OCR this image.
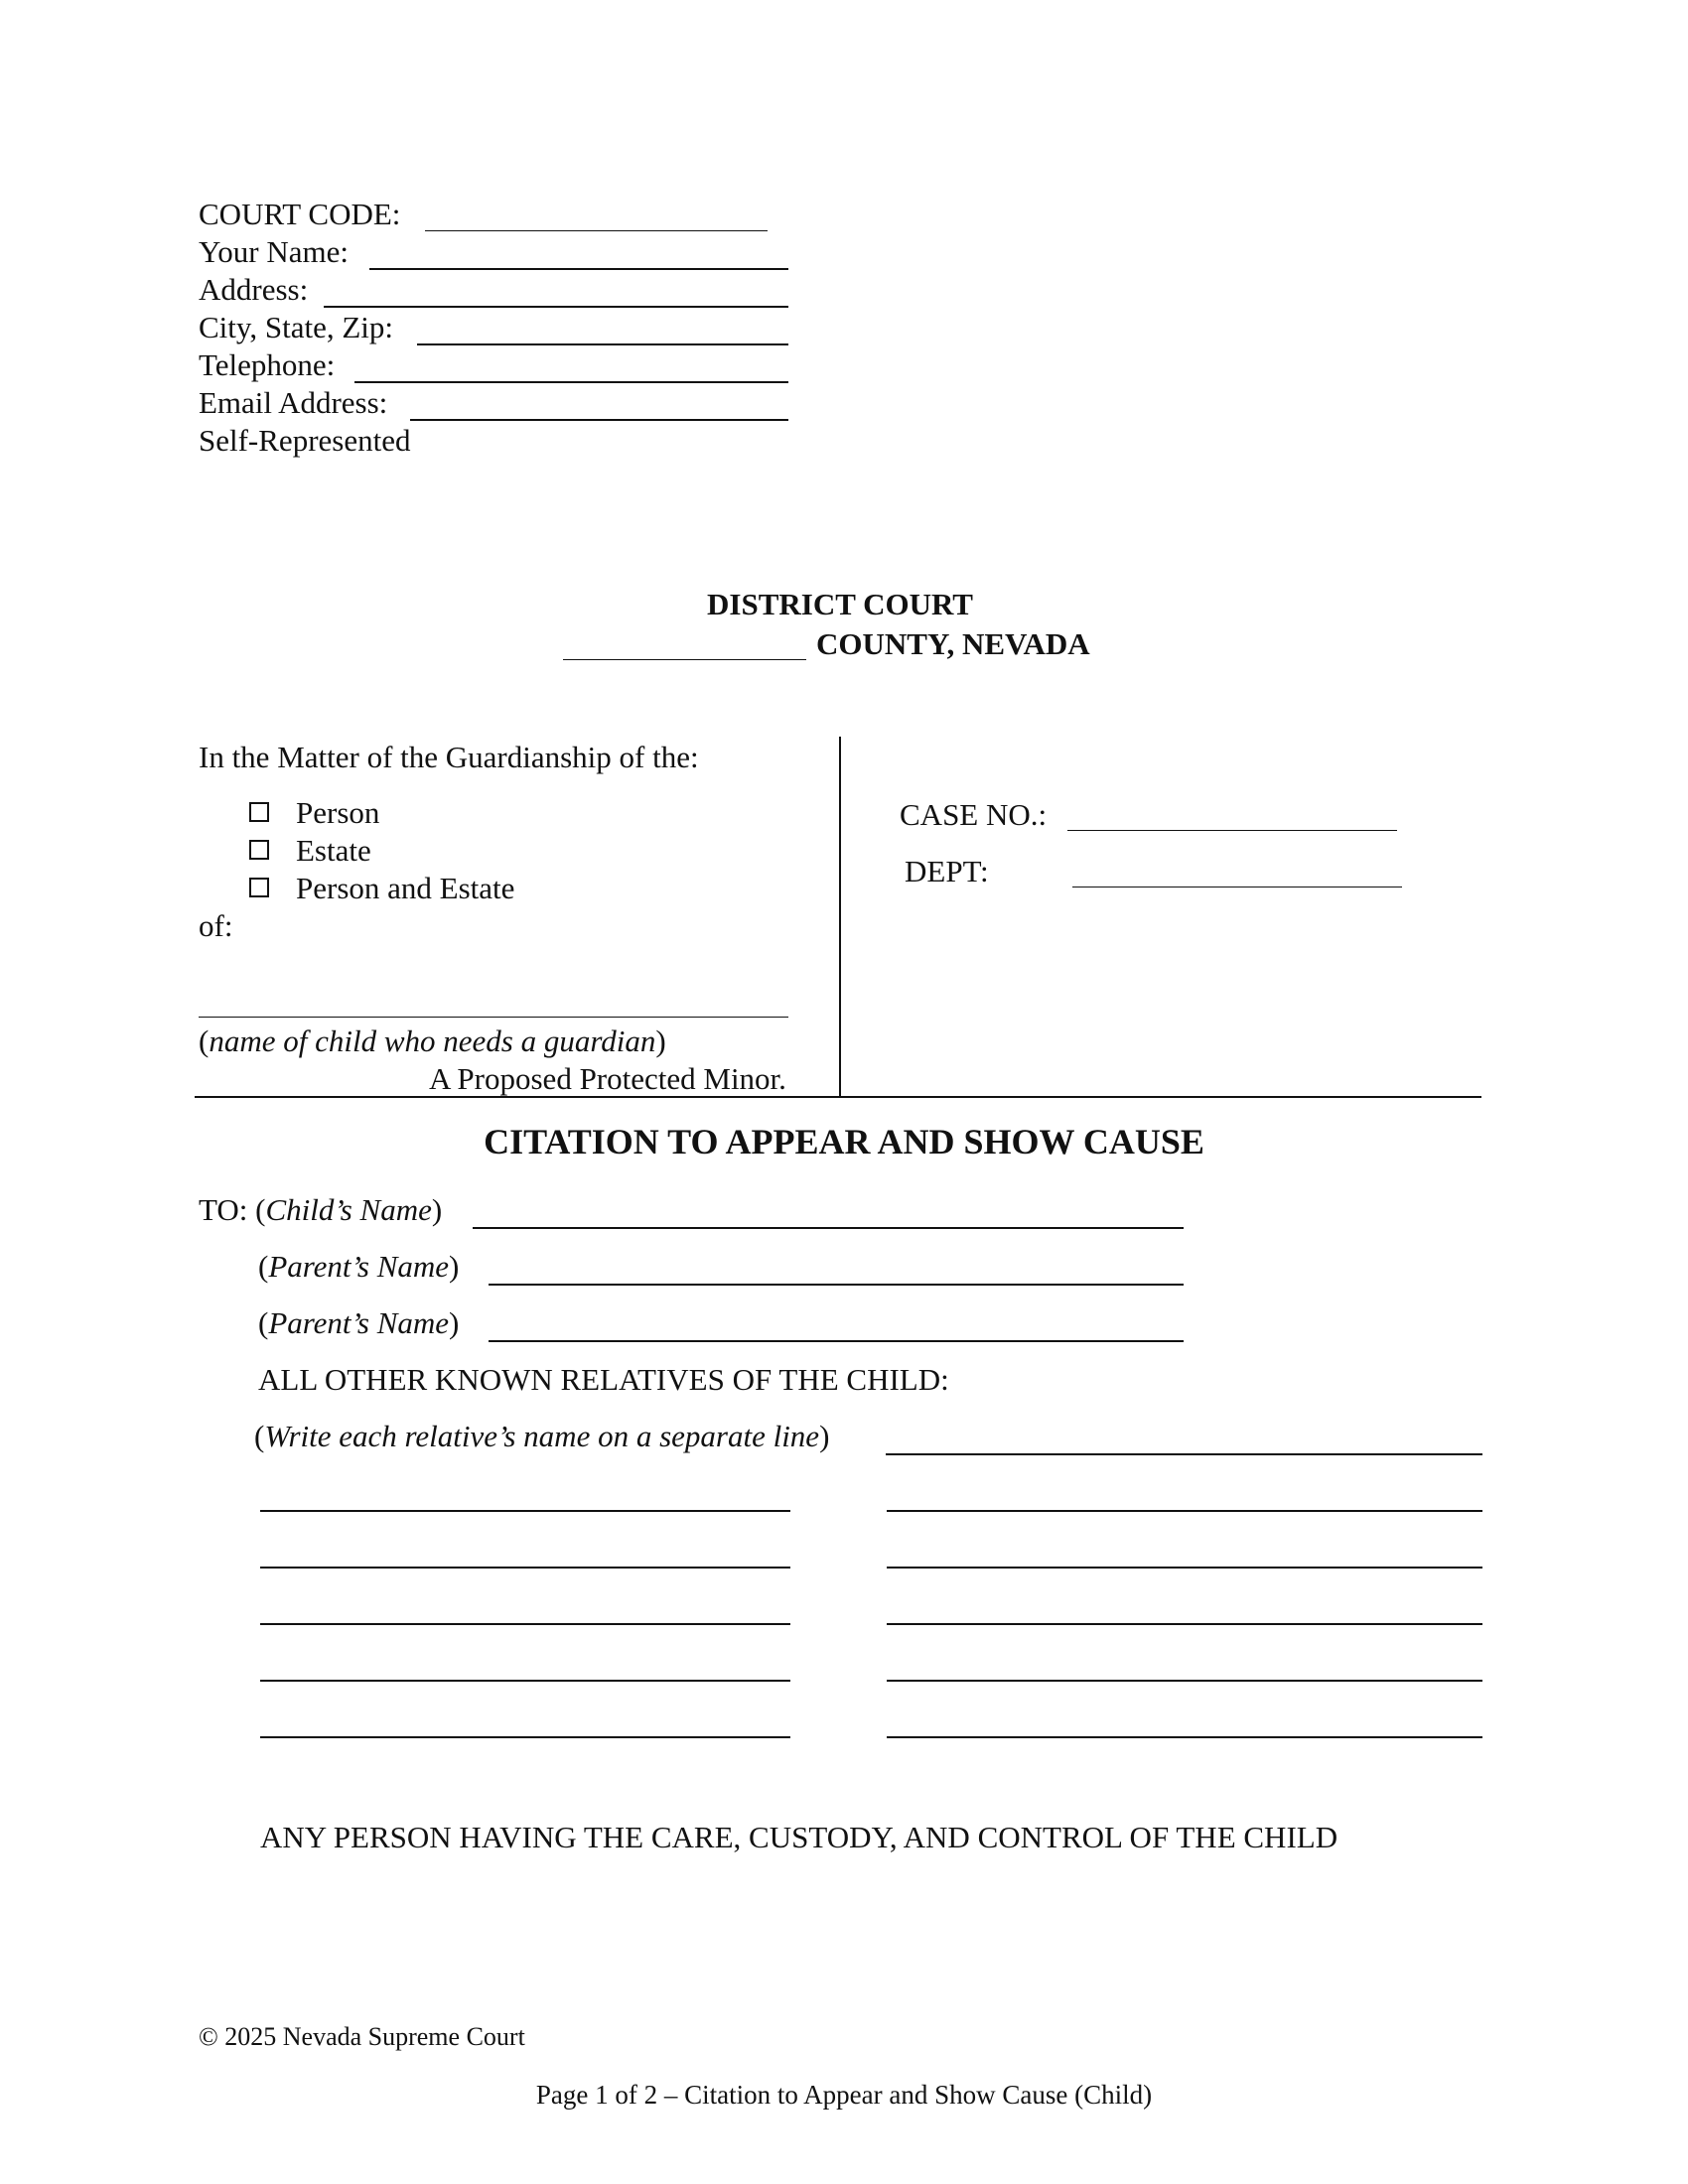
COURT CODE:
Your Name:
Address:
City, State, Zip:
Telephone:
Email Address:
Self-Represented
DISTRICT COURT
COUNTY, NEVADA
In the Matter of the Guardianship of the:
Person
Estate
Person and Estate
of:
(name of child who needs a guardian)
A Proposed Protected Minor.
CASE NO.:
DEPT:
CITATION TO APPEAR AND SHOW CAUSE
TO: (Child’s Name)
(Parent’s Name)
(Parent’s Name)
ALL OTHER KNOWN RELATIVES OF THE CHILD:
(Write each relative’s name on a separate line)
ANY PERSON HAVING THE CARE, CUSTODY, AND CONTROL OF THE CHILD
© 2025 Nevada Supreme Court
Page 1 of 2 – Citation to Appear and Show Cause (Child)
